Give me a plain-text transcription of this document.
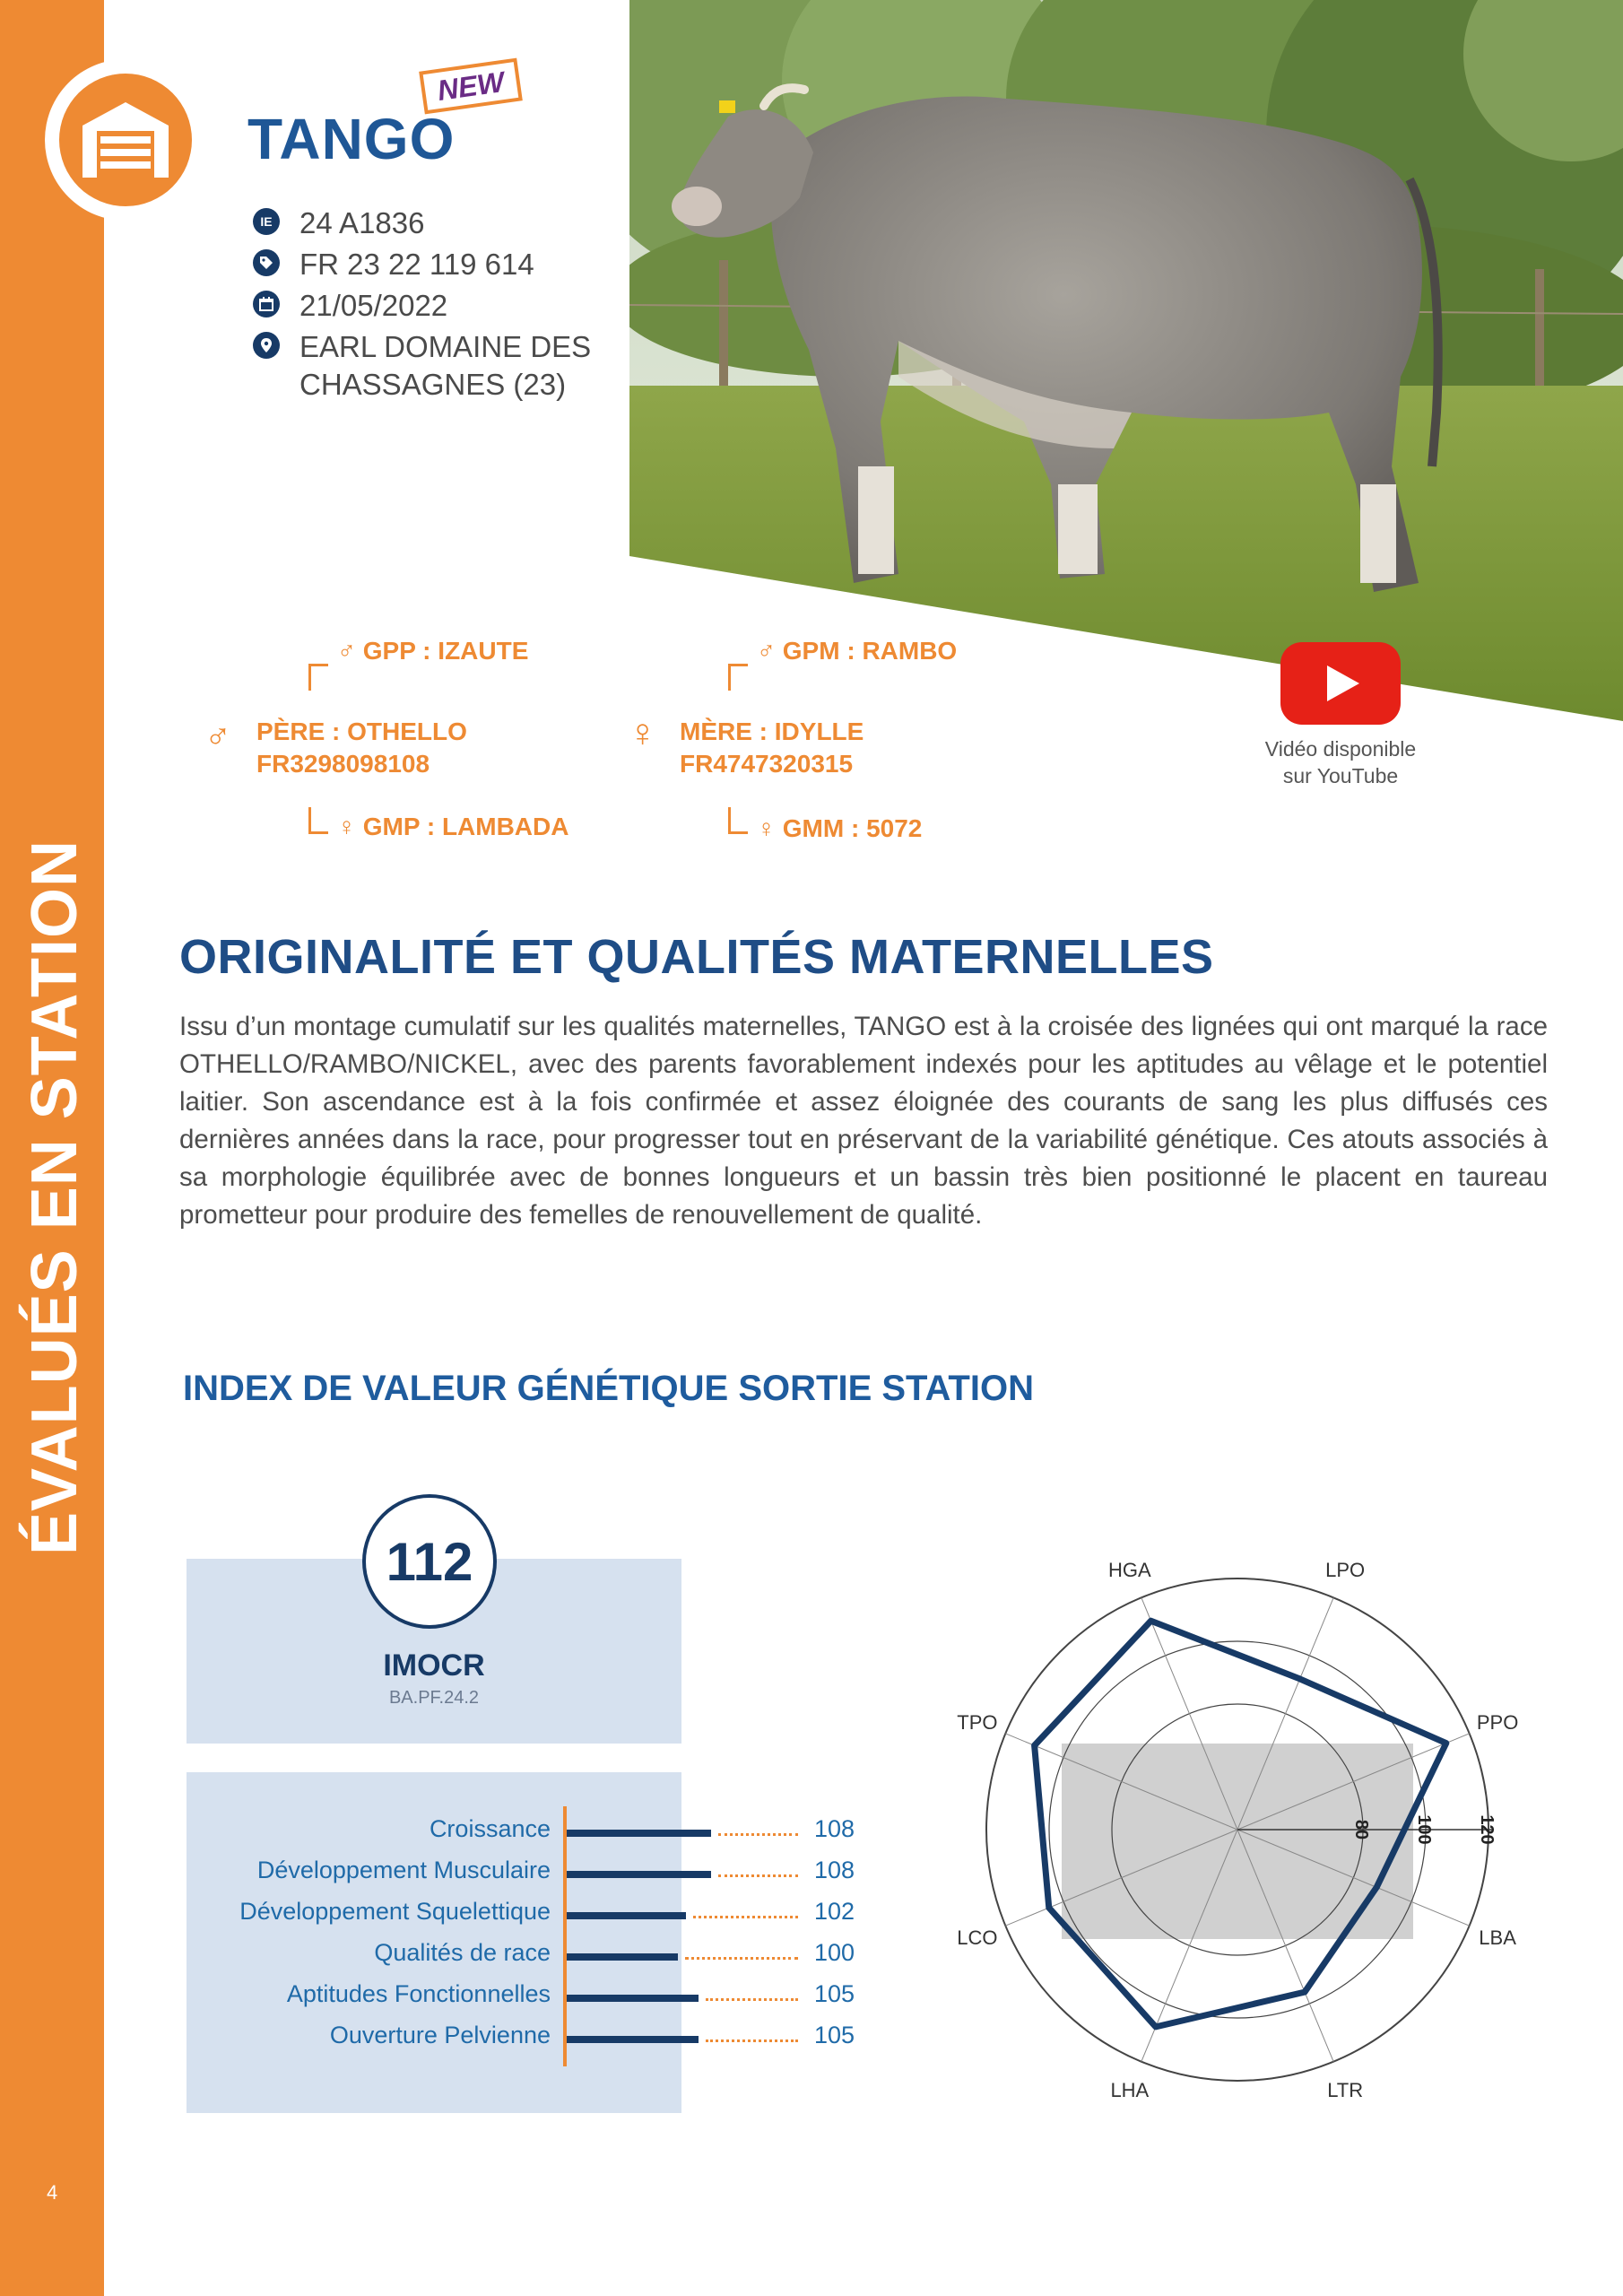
ÉVALUÉS EN STATION
4
TANGO
NEW
IE 24 A1836
FR 23 22 119 614
21/05/2022
EARL DOMAINE DES
CHASSAGNES (23)
♂ GPP : IZAUTE
♂ PÈRE : OTHELLO
FR3298098108
♀ GMP : LAMBADA
♂ GPM : RAMBO
♀ MÈRE : IDYLLE
FR4747320315
♀ GMM : 5072
Vidéo disponible
sur YouTube
ORIGINALITÉ ET QUALITÉS MATERNELLES
Issu d’un montage cumulatif sur les qualités maternelles, TANGO est à la croisée des lignées qui ont marqué la race OTHELLO/RAMBO/NICKEL, avec des parents favorablement indexés pour les aptitudes au vêlage et le potentiel laitier. Son ascendance est à la fois confirmée et assez éloignée des courants de sang les plus diffusés ces dernières années dans la race, pour progresser tout en préservant de la variabilité génétique. Ces atouts associés à sa morphologie équilibrée avec de bonnes longueurs et un bassin très bien positionné le placent en taureau prometteur pour produire des femelles de renouvellement de qualité.
INDEX DE VALEUR GÉNÉTIQUE SORTIE STATION
112
IMOCR
BA.PF.24.2
Croissance	108
Développement Musculaire	108
Développement Squelettique	102
Qualités de race	100
Aptitudes Fonctionnelles	105
Ouverture Pelvienne	105
80 100 120
HGA	LPO
PPO
LBA
LTR
LHA
LCO
TPO
